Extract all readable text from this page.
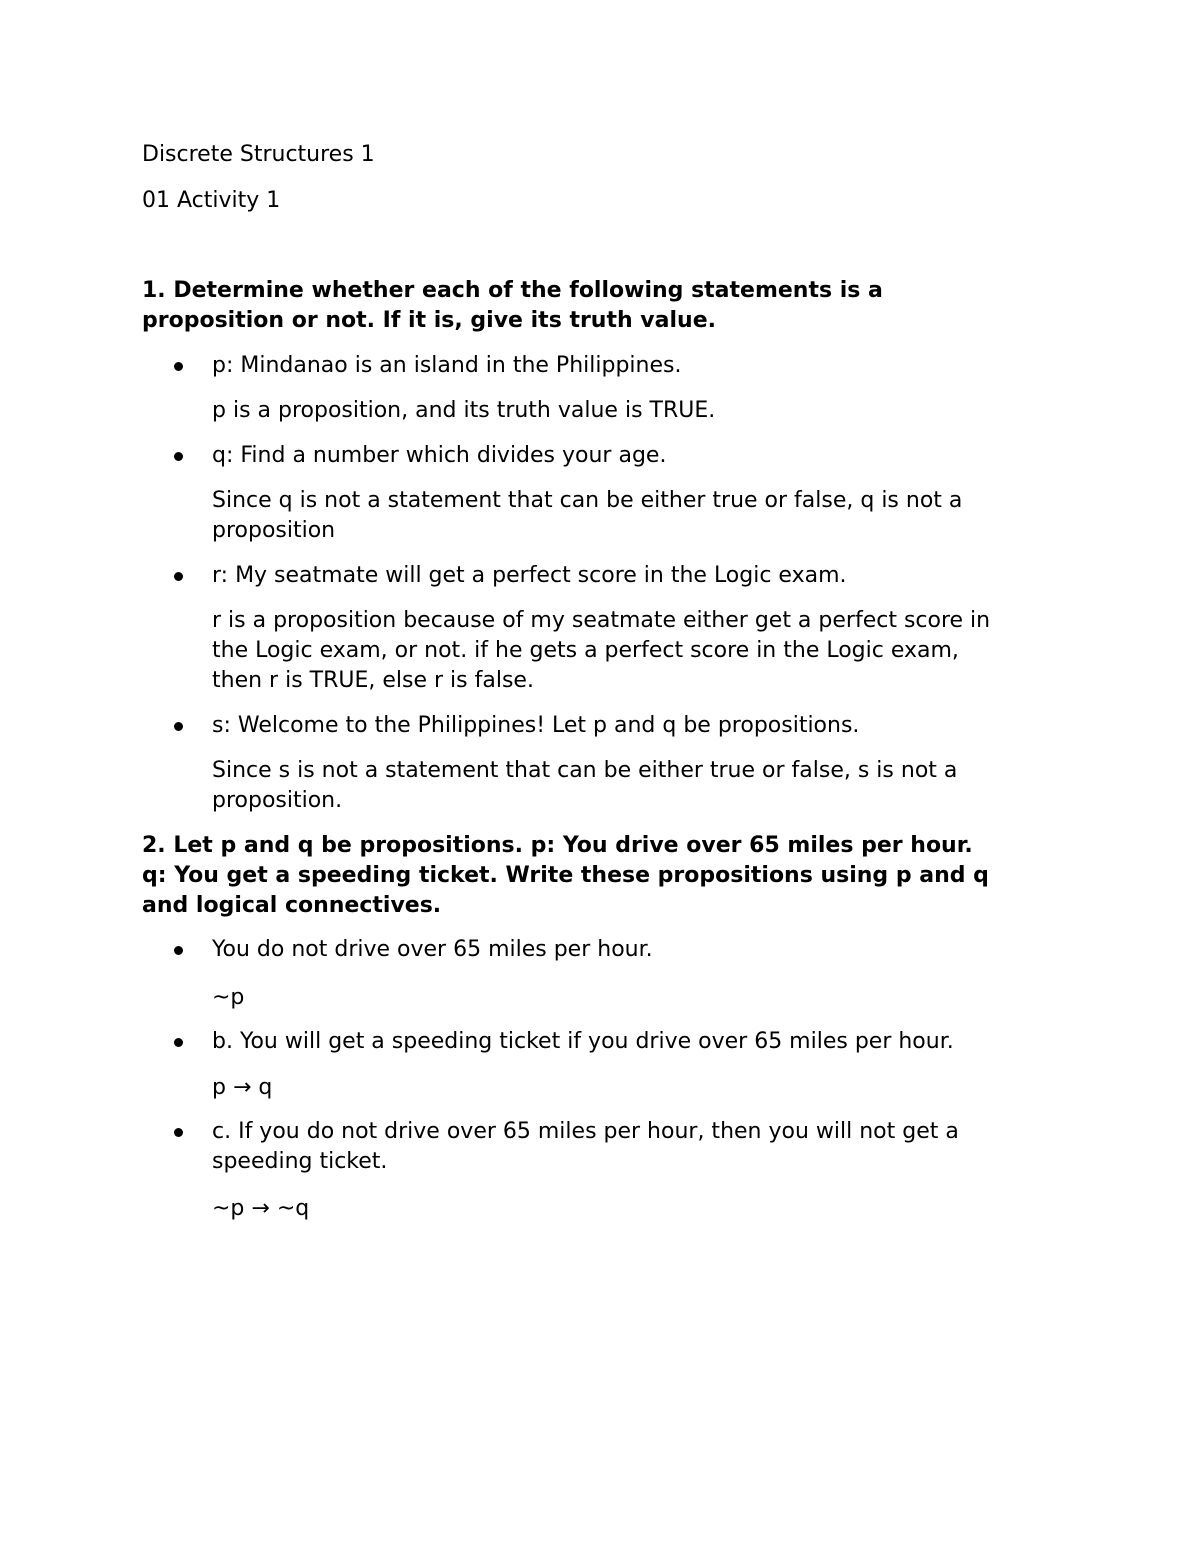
Discrete Structures 1

01 Activity 1

1. Determine whether each of the following statements is a

proposition or not. If it is, give its truth value.

p: Mindanao is an island in the Philippines.

p is a proposition, and its truth value is TRUE.

q: Find a number which divides your age.

Since q is not a statement that can be either true or false, q is not a

proposition

r: My seatmate will get a perfect score in the Logic exam.

r is a proposition because of my seatmate either get a perfect score in

the Logic exam, or not. if he gets a perfect score in the Logic exam,

then r is TRUE, else r is false.

s: Welcome to the Philippines! Let p and q be propositions.

Since s is not a statement that can be either true or false, s is not a

proposition.

2. Let p and q be propositions. p: You drive over 65 miles per hour.

q: You get a speeding ticket. Write these propositions using p and q

and logical connectives.

You do not drive over 65 miles per hour.

~p

b. You will get a speeding ticket if you drive over 65 miles per hour.

p → q

c. If you do not drive over 65 miles per hour, then you will not get a

speeding ticket.

~p → ~q
